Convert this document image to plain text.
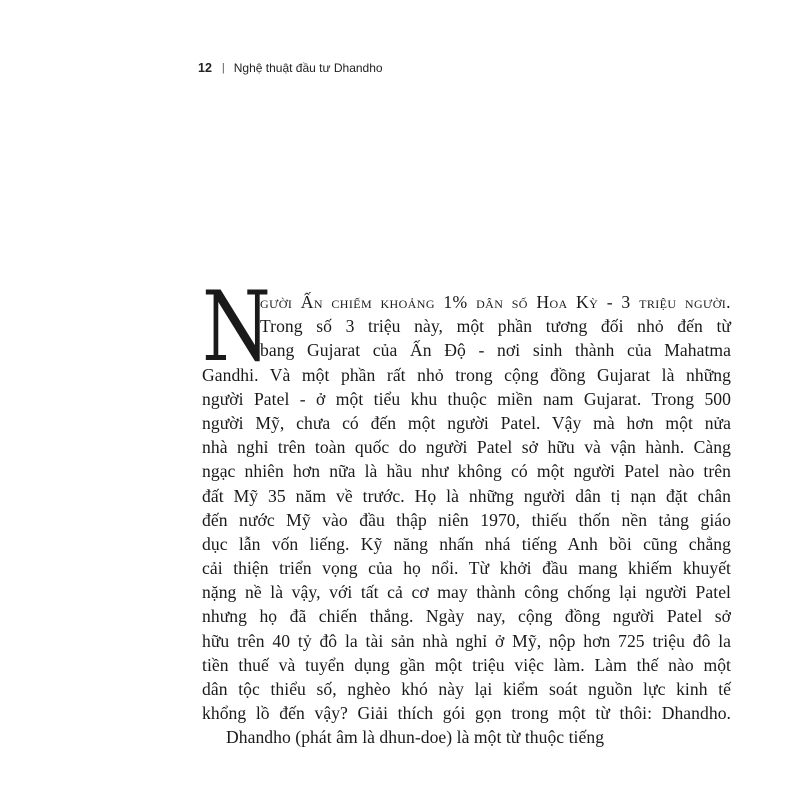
12 | Nghệ thuật đầu tư Dhandho
N
gười Ấn chiếm khoảng 1% dân số Hoa Kỳ - 3 triệu người.
Trong số 3 triệu này, một phần tương đối nhỏ đến từ
bang Gujarat của Ấn Độ - nơi sinh thành của Mahatma
Gandhi. Và một phần rất nhỏ trong cộng đồng Gujarat là những
người Patel - ở một tiểu khu thuộc miền nam Gujarat. Trong 500
người Mỹ, chưa có đến một người Patel. Vậy mà hơn một nửa
nhà nghỉ trên toàn quốc do người Patel sở hữu và vận hành. Càng
ngạc nhiên hơn nữa là hầu như không có một người Patel nào trên
đất Mỹ 35 năm về trước. Họ là những người dân tị nạn đặt chân
đến nước Mỹ vào đầu thập niên 1970, thiếu thốn nền tảng giáo
dục lẫn vốn liếng. Kỹ năng nhấn nhá tiếng Anh bồi cũng chẳng
cải thiện triển vọng của họ nổi. Từ khởi đầu mang khiếm khuyết
nặng nề là vậy, với tất cả cơ may thành công chống lại người Patel
nhưng họ đã chiến thắng. Ngày nay, cộng đồng người Patel sở
hữu trên 40 tỷ đô la tài sản nhà nghỉ ở Mỹ, nộp hơn 725 triệu đô la
tiền thuế và tuyển dụng gần một triệu việc làm. Làm thế nào một
dân tộc thiểu số, nghèo khó này lại kiểm soát nguồn lực kinh tế
khổng lồ đến vậy? Giải thích gói gọn trong một từ thôi: Dhandho.
Dhandho (phát âm là dhun-doe) là một từ thuộc tiếng
